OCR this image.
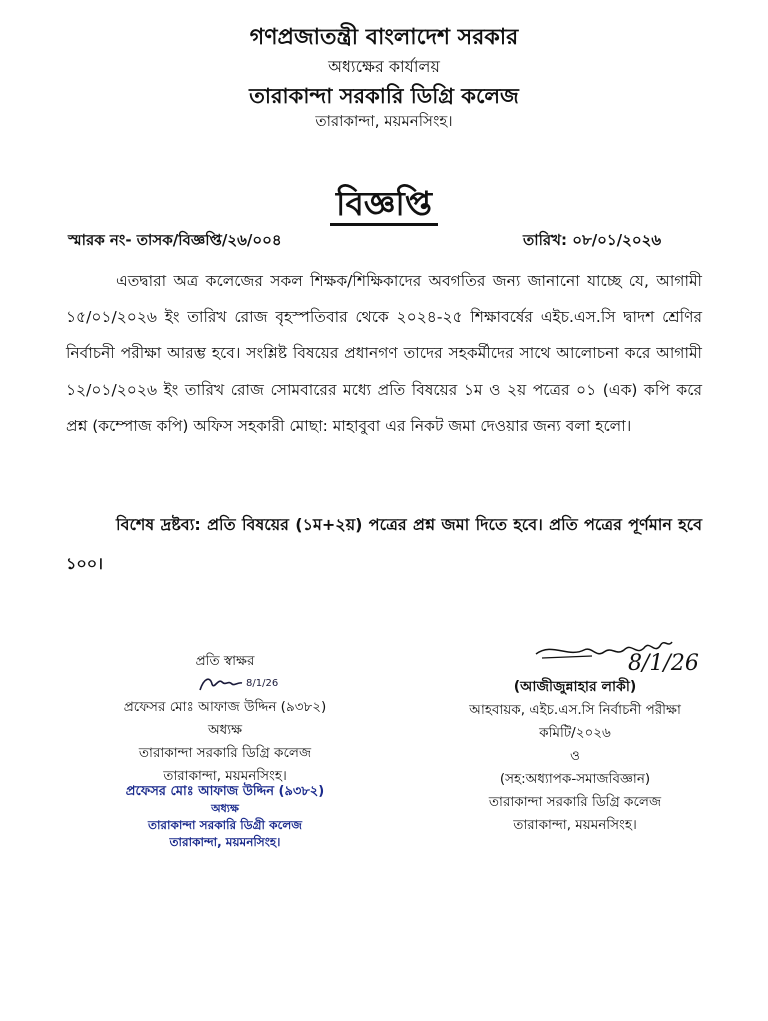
গণপ্রজাতন্ত্রী বাংলাদেশ সরকার
অধ্যক্ষের কার্যালয়
তারাকান্দা সরকারি ডিগ্রি কলেজ
তারাকান্দা, ময়মনসিংহ।
বিজ্ঞপ্তি
স্মারক নং- তাসক/বিজ্ঞপ্তি/২৬/০০৪	তারিখ: ০৮/০১/২০২৬
এতদ্বারা অত্র কলেজের সকল শিক্ষক/শিক্ষিকাদের অবগতির জন্য জানানো যাচ্ছে যে, আগামী ১৫/০১/২০২৬ ইং তারিখ রোজ বৃহস্পতিবার থেকে ২০২৪-২৫ শিক্ষাবর্ষের এইচ.এস.সি দ্বাদশ শ্রেণির নির্বাচনী পরীক্ষা আরম্ভ হবে। সংশ্লিষ্ট বিষয়ের প্রধানগণ তাদের সহকর্মীদের সাথে আলোচনা করে আগামী ১২/০১/২০২৬ ইং তারিখ রোজ সোমবারের মধ্যে প্রতি বিষয়ের ১ম ও ২য় পত্রের ০১ (এক) কপি করে প্রশ্ন (কম্পোজ কপি) অফিস সহকারী মোছা: মাহাবুবা এর নিকট জমা দেওয়ার জন্য বলা হলো।
বিশেষ দ্রষ্টব্য: প্রতি বিষয়ের (১ম+২য়) পত্রের প্রশ্ন জমা দিতে হবে। প্রতি পত্রের পূর্ণমান হবে ১০০।
প্রতি স্বাক্ষর
প্রফেসর মোঃ আফাজ উদ্দিন (৯৩৮২)
অধ্যক্ষ
তারাকান্দা সরকারি ডিগ্রি কলেজ
তারাকান্দা, ময়মনসিংহ।
8/1/26
প্রফেসর মোঃ আফাজ উদ্দিন (৯৩৮২)
অধ্যক্ষ
তারাকান্দা সরকারি ডিগ্রী কলেজ
তারাকান্দা, ময়মনসিংহ।
8/1/26
(আজীজুন্নাহার লাকী)
আহবায়ক, এইচ.এস.সি নির্বাচনী পরীক্ষা
কমিটি/২০২৬
ও
(সহ:অধ্যাপক-সমাজবিজ্ঞান)
তারাকান্দা সরকারি ডিগ্রি কলেজ
তারাকান্দা, ময়মনসিংহ।
